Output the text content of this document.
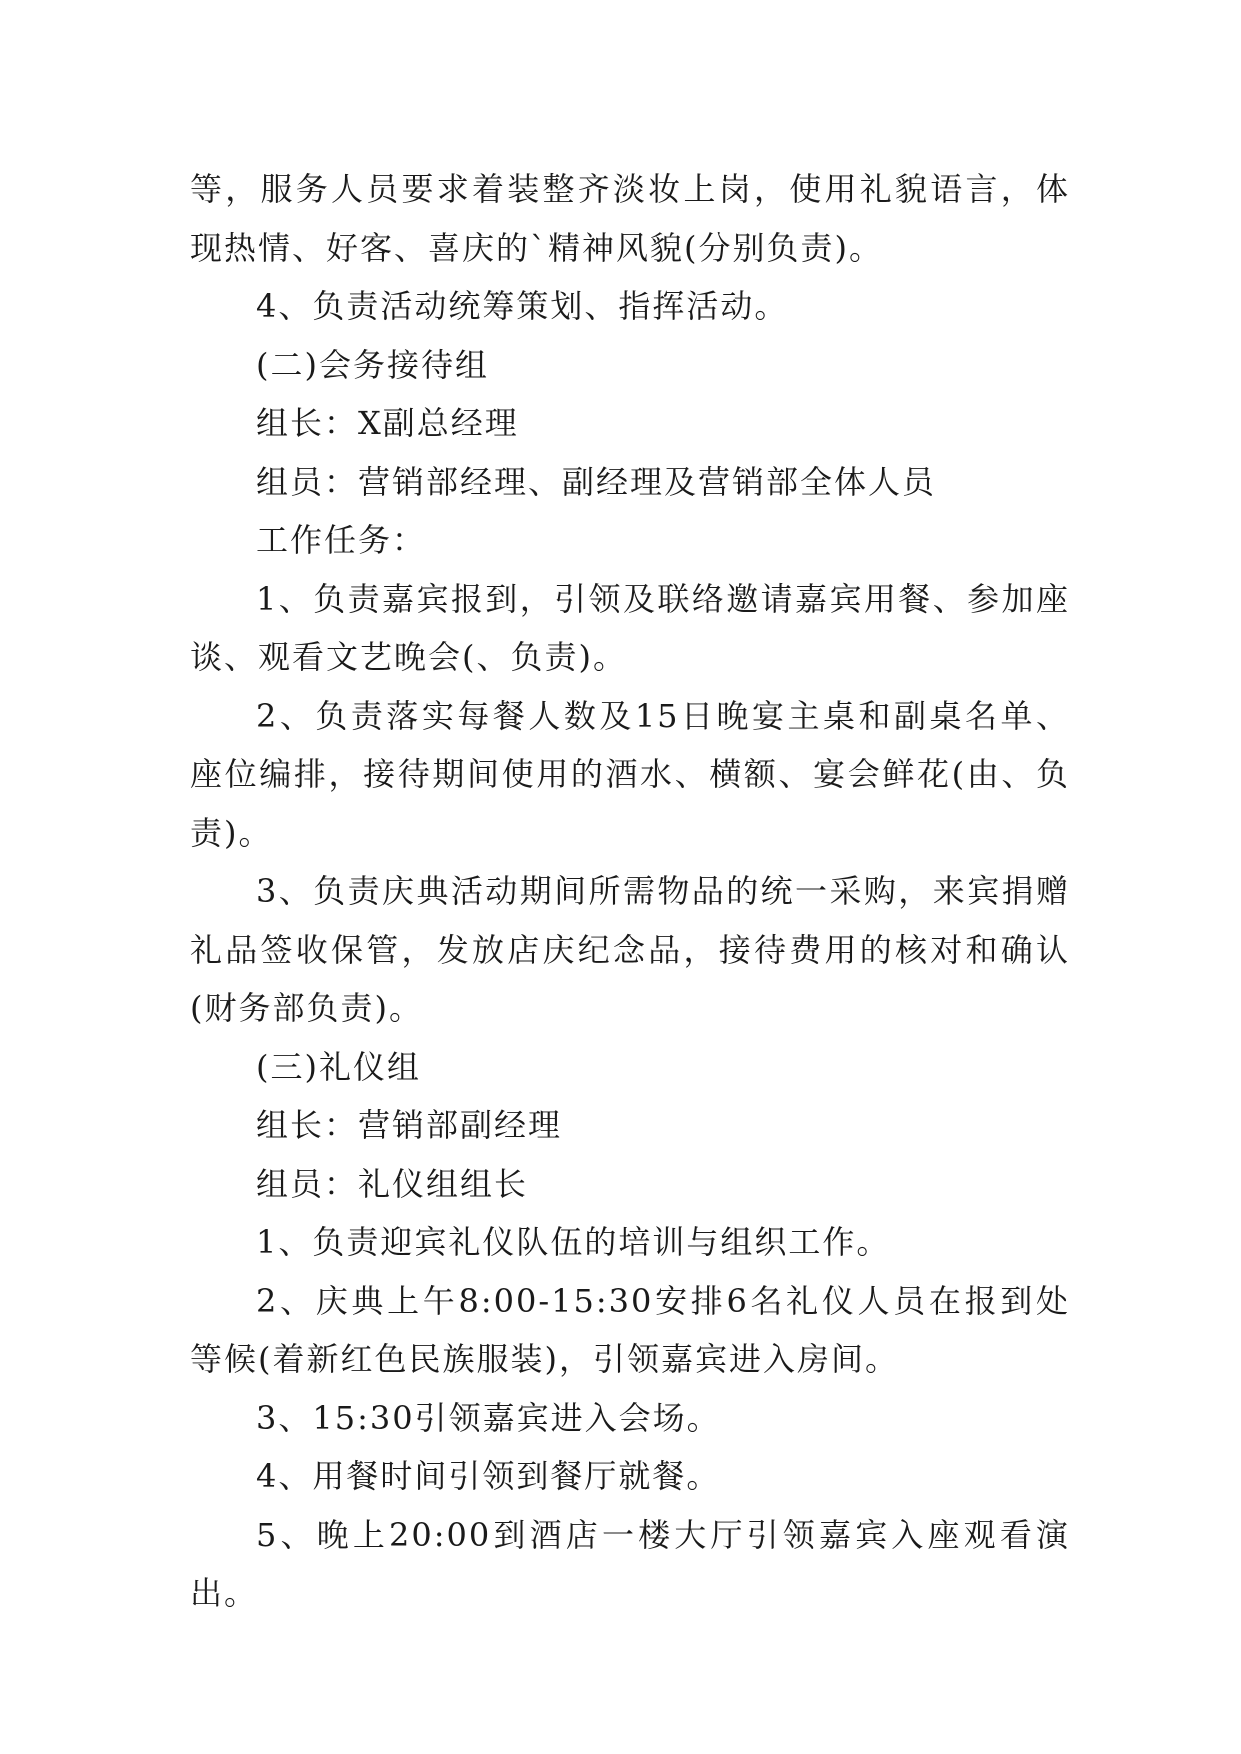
等，服务人员要求着装整齐淡妆上岗，使用礼貌语言，体现热情、好客、喜庆的`精神风貌(分别负责)。

4、负责活动统筹策划、指挥活动。

(二)会务接待组

组长：X副总经理

组员：营销部经理、副经理及营销部全体人员

工作任务：

1、负责嘉宾报到，引领及联络邀请嘉宾用餐、参加座谈、观看文艺晚会(、负责)。

2、负责落实每餐人数及15日晚宴主桌和副桌名单、座位编排，接待期间使用的酒水、横额、宴会鲜花(由、负责)。

3、负责庆典活动期间所需物品的统一采购，来宾捐赠礼品签收保管，发放店庆纪念品，接待费用的核对和确认(财务部负责)。

(三)礼仪组

组长：营销部副经理

组员：礼仪组组长

1、负责迎宾礼仪队伍的培训与组织工作。

2、庆典上午8:00-15:30安排6名礼仪人员在报到处等候(着新红色民族服装)，引领嘉宾进入房间。

3、15:30引领嘉宾进入会场。

4、用餐时间引领到餐厅就餐。

5、晚上20:00到酒店一楼大厅引领嘉宾入座观看演出。
